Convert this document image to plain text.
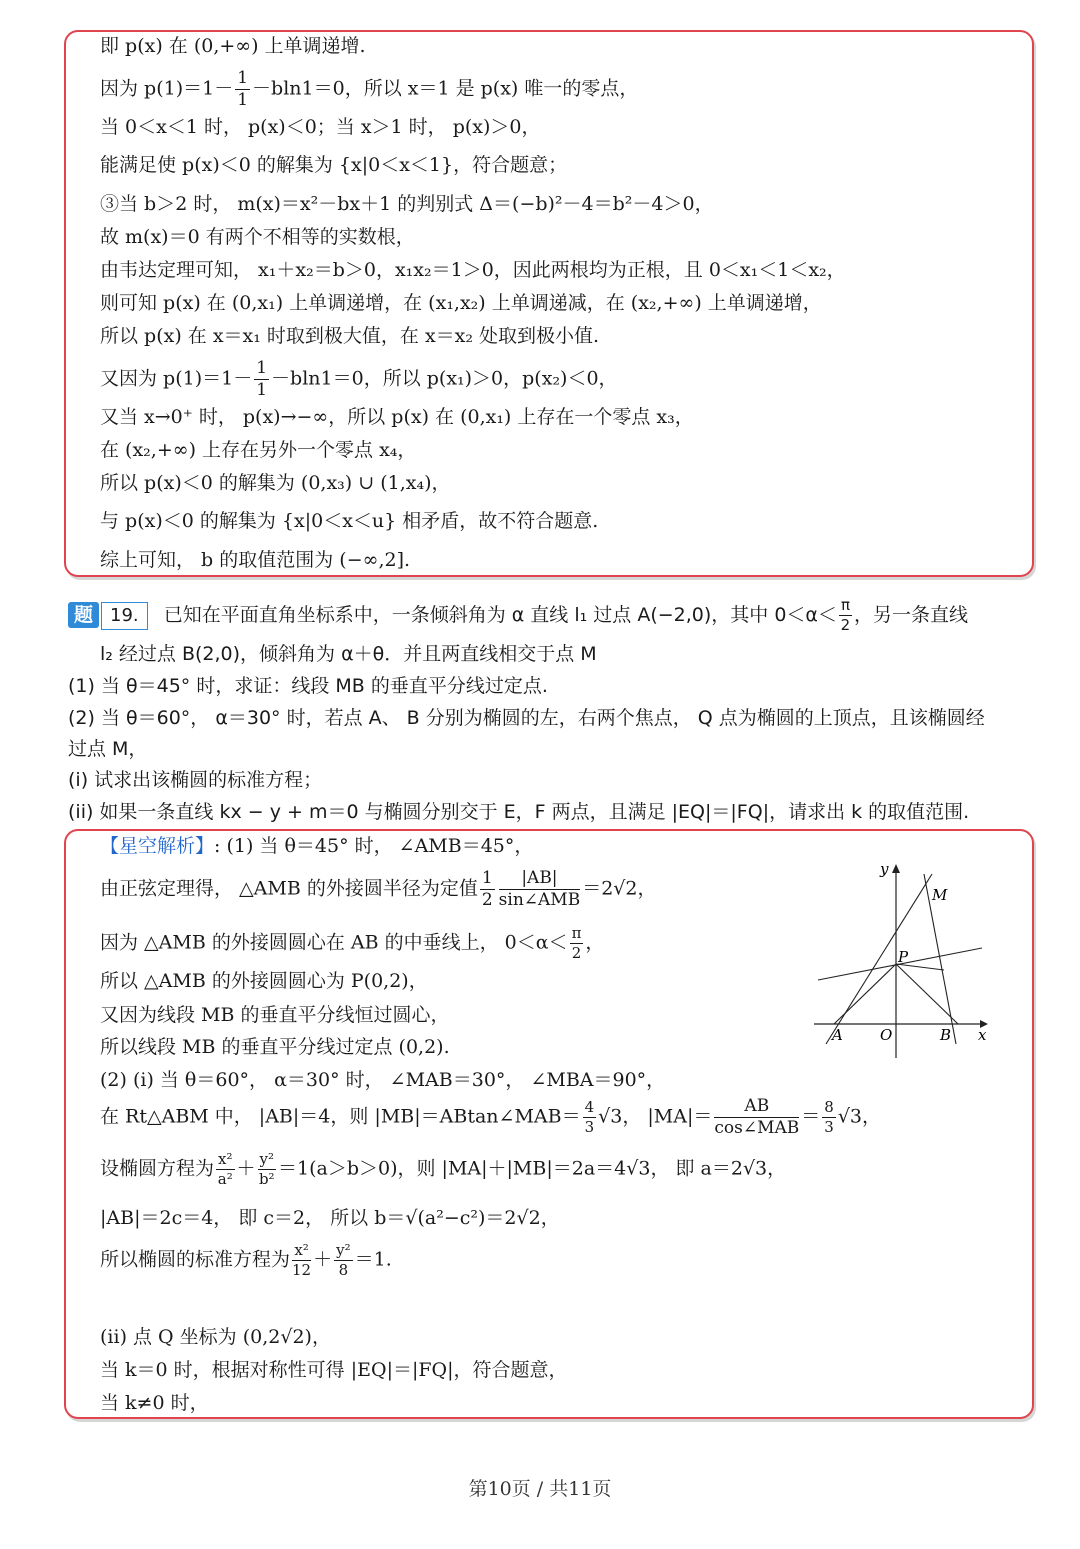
即 p(x) 在 (0,+∞) 上单调递增.
因为 $p(1)=1- \frac{1}{1} -bln1=0$，所以 x＝1 是 p(x) 唯一的零点，
当 0＜x＜1 时， p(x)＜0；当 x＞1 时， p(x)＞0，
能满足使 p(x)＜0 的解集为 {x|0＜x＜1}，符合题意；
③当 b＞2 时， m(x)＝x²－bx＋1 的判别式 Δ＝(−b)²－4＝b²－4＞0，
故 m(x)＝0 有两个不相等的实数根，
由韦达定理可知， x₁＋x₂＝b＞0，x₁x₂＝1＞0，因此两根均为正根，且 0＜x₁＜1＜x₂，
则可知 p(x) 在 (0,x₁) 上单调递增，在 (x₁,x₂) 上单调递减，在 (x₂,+∞) 上单调递增，
所以 p(x) 在 x＝x₁ 时取到极大值，在 x＝x₂ 处取到极小值.
又因为 $p(1)=1- \frac{1}{1} -bln1=0$，所以 p(x₁)＞0，p(x₂)＜0，
又当 x→0⁺ 时， p(x)→−∞，所以 p(x) 在 (0,x₁) 上存在一个零点 x₃，
在 (x₂,+∞) 上存在另外一个零点 x₄，
所以 p(x)＜0 的解集为 (0,x₃) ∪ (1,x₄)，
与 p(x)＜0 的解集为 {x|0＜x＜u} 相矛盾，故不符合题意.
综上可知， b 的取值范围为 (−∞,2].
题 19. 已知在平面直角坐标系中，一条倾斜角为 α 直线 l₁ 过点 A(−2,0)，其中 $0<\alpha< \frac{\pi}{2}$ ，另一条直线
l₂ 经过点 B(2,0)，倾斜角为 α＋θ．并且两直线相交于点 M
(1) 当 θ＝45° 时，求证：线段 MB 的垂直平分线过定点.
(2) 当 θ＝60°， α＝30° 时，若点 A、 B 分别为椭圆的左，右两个焦点， Q 点为椭圆的上顶点，且该椭圆经
过点 M，
(i) 试求出该椭圆的标准方程；
(ii) 如果一条直线 kx − y + m＝0 与椭圆分别交于 E，F 两点，且满足 |EQ|＝|FQ|，请求出 k 的取值范围.
【星空解析】: (1) 当 θ＝45° 时， ∠AMB＝45°，
由正弦定理得， △AMB 的外接圆半径为定值 $\frac{1}{2} \frac{|AB|}{\text{sin∠AMB}} =2√2$，
因为 △AMB 的外接圆圆心在 AB 的中垂线上， $0<\alpha< \frac{\pi}{2}$ ，
所以 △AMB 的外接圆圆心为 P(0,2)，
又因为线段 MB 的垂直平分线恒过圆心，
所以线段 MB 的垂直平分线过定点 (0,2).
(2) (i) 当 θ＝60°， α＝30° 时， ∠MAB＝30°， ∠MBA＝90°，
在 Rt△ABM 中， |AB|＝4，则 |MB|＝ABtan∠MAB＝ $\frac{4}{3} √3$， $|MA|= \frac{AB}{\text{cos∠MAB}} = \frac{8}{3} √3$，
设椭圆方程为 $\frac{\text{x²}}{\text{a²}} + \frac{\text{y²}}{\text{b²}} =1(a>b>0)$，则 |MA|＋|MB|＝2a＝4√3， 即 a＝2√3，
|AB|＝2c＝4， 即 c＝2， 所以 b＝√(a²−c²)＝2√2，
所以椭圆的标准方程为 $\frac{\text{x²}}{12} + \frac{\text{y²}}{8} =1$.
(ii) 点 Q 坐标为 (0,2√2)，
当 k＝0 时，根据对称性可得 |EQ|＝|FQ|，符合题意，
当 k≠0 时，
y
M
P
A O	B x
第10页 / 共11页
